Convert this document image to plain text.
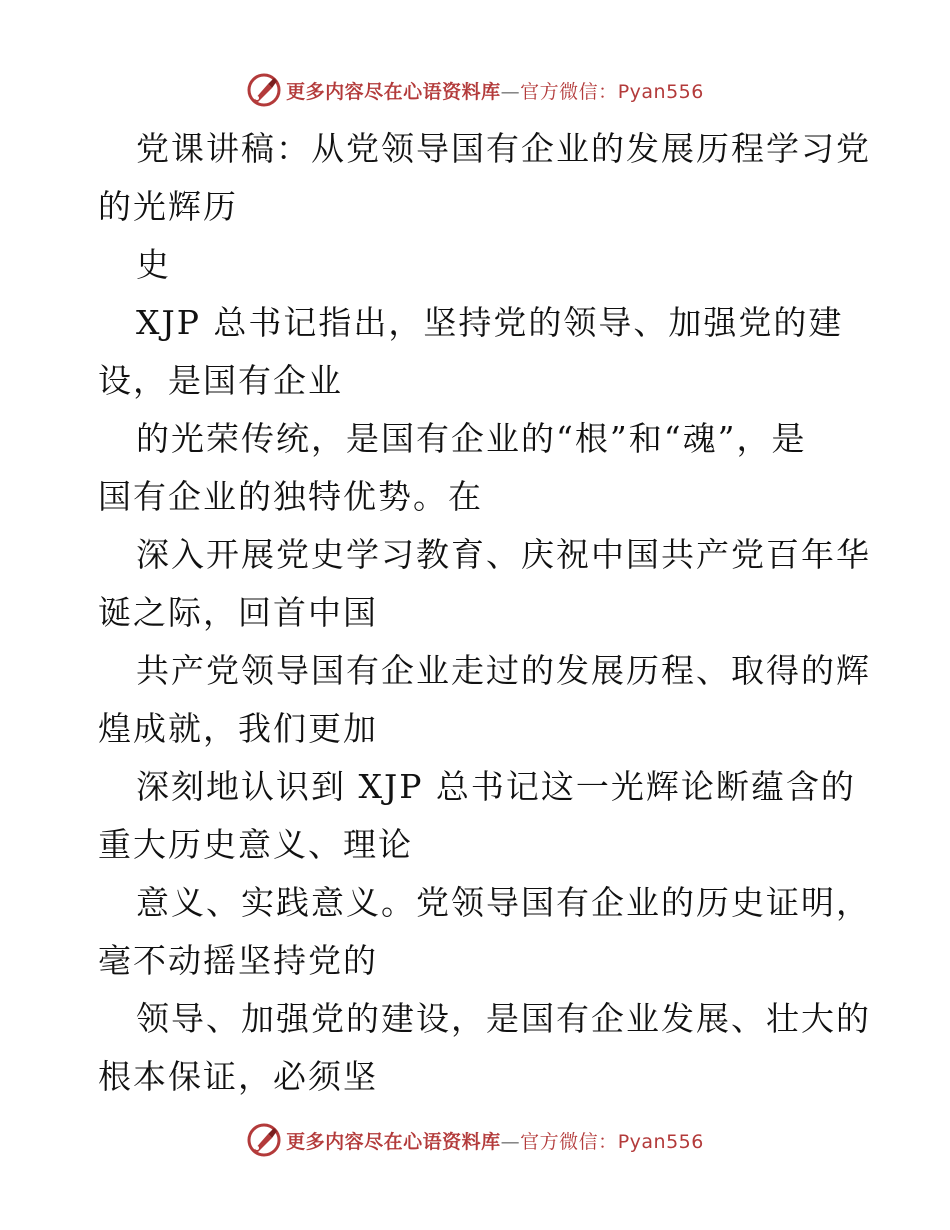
更多内容尽在心语资料库—官方微信：Pyan556
党课讲稿：从党领导国有企业的发展历程学习党
的光辉历
史
XJP 总书记指出，坚持党的领导、加强党的建
设，是国有企业
的光荣传统，是国有企业的“根”和“魂”，是
国有企业的独特优势。在
深入开展党史学习教育、庆祝中国共产党百年华
诞之际，回首中国
共产党领导国有企业走过的发展历程、取得的辉
煌成就，我们更加
深刻地认识到 XJP 总书记这一光辉论断蕴含的
重大历史意义、理论
意义、实践意义。党领导国有企业的历史证明，
毫不动摇坚持党的
领导、加强党的建设，是国有企业发展、壮大的
根本保证，必须坚
更多内容尽在心语资料库—官方微信：Pyan556
